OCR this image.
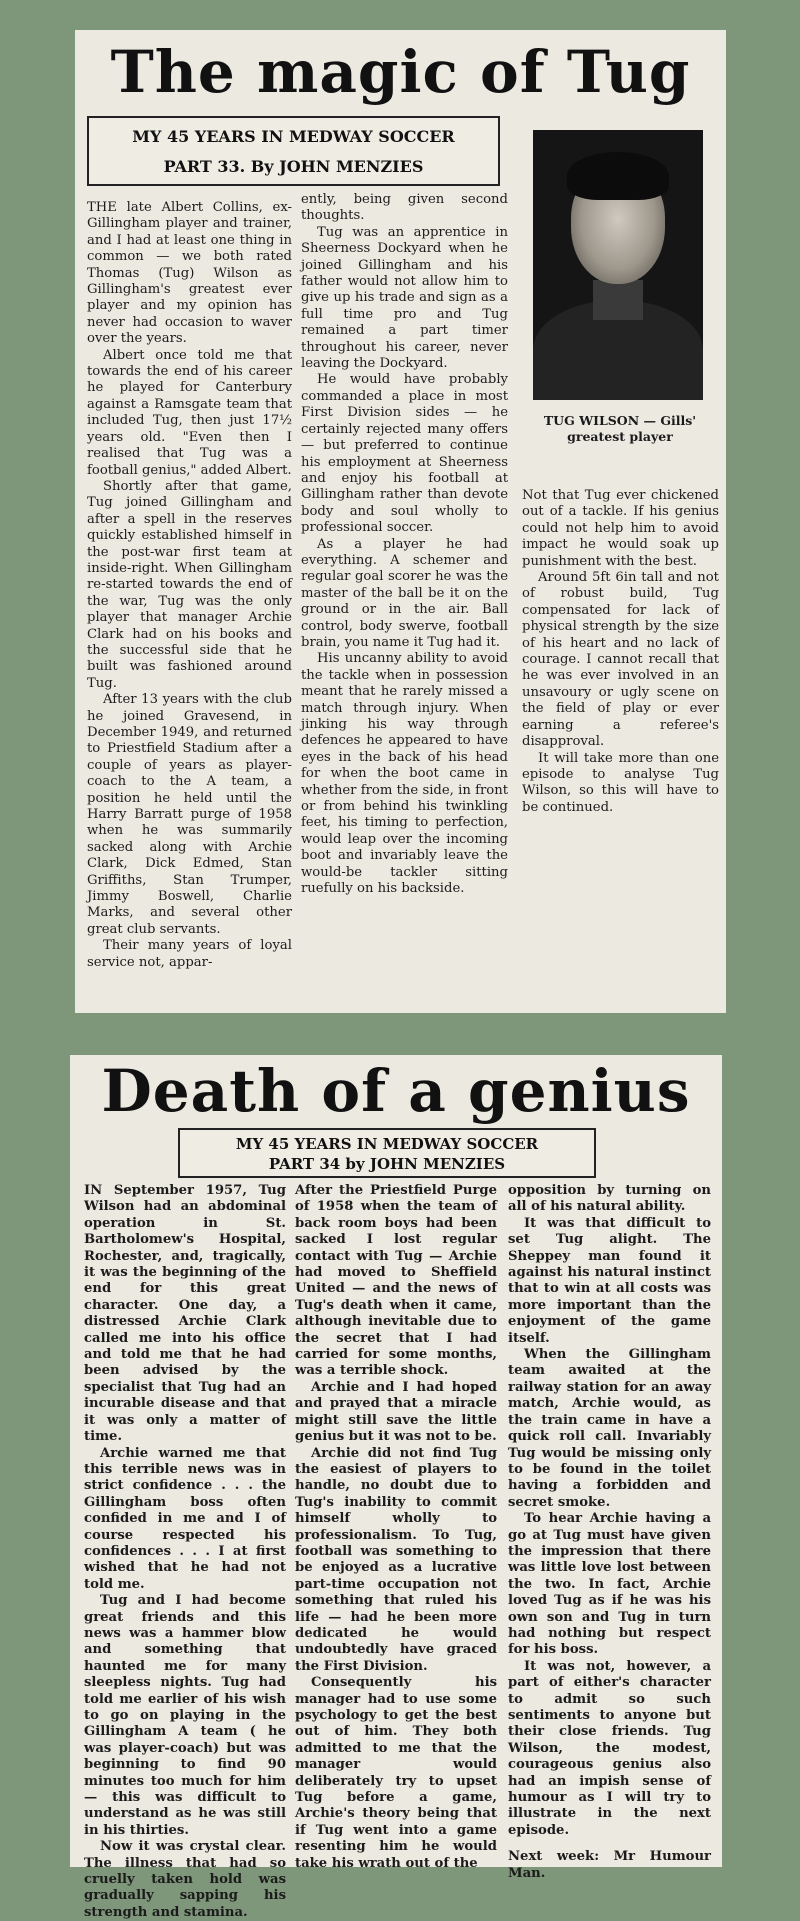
The magic of Tug
MY 45 YEARS IN MEDWAY SOCCER
PART 33. By JOHN MENZIES

THE late Albert Collins, ex-Gillingham player and trainer, and I had at least one thing in common — we both rated Thomas (Tug) Wilson as Gillingham's greatest ever player and my opinion has never had occasion to waver over the years.

Albert once told me that towards the end of his career he played for Canterbury against a Ramsgate team that included Tug, then just 17½ years old. "Even then I realised that Tug was a football genius," added Albert.

Shortly after that game, Tug joined Gillingham and after a spell in the reserves quickly established himself in the post-war first team at inside-right. When Gillingham re-started towards the end of the war, Tug was the only player that manager Archie Clark had on his books and the successful side that he built was fashioned around Tug.

After 13 years with the club he joined Gravesend, in December 1949, and returned to Priestfield Stadium after a couple of years as player-coach to the A team, a position he held until the Harry Barratt purge of 1958 when he was summarily sacked along with Archie Clark, Dick Edmed, Stan Griffiths, Stan Trumper, Jimmy Boswell, Charlie Marks, and several other great club servants.

Their many years of loyal service not, appar-

ently, being given second thoughts.

Tug was an apprentice in Sheerness Dockyard when he joined Gillingham and his father would not allow him to give up his trade and sign as a full time pro and Tug remained a part timer throughout his career, never leaving the Dockyard.

He would have probably commanded a place in most First Division sides — he certainly rejected many offers — but preferred to continue his employment at Sheerness and enjoy his football at Gillingham rather than devote body and soul wholly to professional soccer.

As a player he had everything. A schemer and regular goal scorer he was the master of the ball be it on the ground or in the air. Ball control, body swerve, football brain, you name it Tug had it.

His uncanny ability to avoid the tackle when in possession meant that he rarely missed a match through injury. When jinking his way through defences he appeared to have eyes in the back of his head for when the boot came in whether from the side, in front or from behind his twinkling feet, his timing to perfection, would leap over the incoming boot and invariably leave the would-be tackler sitting ruefully on his backside.

TUG WILSON — Gills' greatest player

Not that Tug ever chickened out of a tackle. If his genius could not help him to avoid impact he would soak up punishment with the best.

Around 5ft 6in tall and not of robust build, Tug compensated for lack of physical strength by the size of his heart and no lack of courage. I cannot recall that he was ever involved in an unsavoury or ugly scene on the field of play or ever earning a referee's disapproval.

It will take more than one episode to analyse Tug Wilson, so this will have to be continued.

Death of a genius
MY 45 YEARS IN MEDWAY SOCCER
PART 34 by JOHN MENZIES

IN September 1957, Tug Wilson had an abdominal operation in St. Bartholomew's Hospital, Rochester, and, tragically, it was the beginning of the end for this great character. One day, a distressed Archie Clark called me into his office and told me that he had been advised by the specialist that Tug had an incurable disease and that it was only a matter of time.

Archie warned me that this terrible news was in strict confidence . . . the Gillingham boss often confided in me and I of course respected his confidences . . . I at first wished that he had not told me.

Tug and I had become great friends and this news was a hammer blow and something that haunted me for many sleepless nights. Tug had told me earlier of his wish to go on playing in the Gillingham A team ( he was player-coach) but was beginning to find 90 minutes too much for him — this was difficult to understand as he was still in his thirties.

Now it was crystal clear. The illness that had so cruelly taken hold was gradually sapping his strength and stamina.

After the Priestfield Purge of 1958 when the team of back room boys had been sacked I lost regular contact with Tug — Archie had moved to Sheffield United — and the news of Tug's death when it came, although inevitable due to the secret that I had carried for some months, was a terrible shock.

Archie and I had hoped and prayed that a miracle might still save the little genius but it was not to be.

Archie did not find Tug the easiest of players to handle, no doubt due to Tug's inability to commit himself wholly to professionalism. To Tug, football was something to be enjoyed as a lucrative part-time occupation not something that ruled his life — had he been more dedicated he would undoubtedly have graced the First Division.

Consequently his manager had to use some psychology to get the best out of him. They both admitted to me that the manager would deliberately try to upset Tug before a game, Archie's theory being that if Tug went into a game resenting him he would take his wrath out of the

opposition by turning on all of his natural ability.

It was that difficult to set Tug alight. The Sheppey man found it against his natural instinct that to win at all costs was more important than the enjoyment of the game itself.

When the Gillingham team awaited at the railway station for an away match, Archie would, as the train came in have a quick roll call. Invariably Tug would be missing only to be found in the toilet having a forbidden and secret smoke.

To hear Archie having a go at Tug must have given the impression that there was little love lost between the two. In fact, Archie loved Tug as if he was his own son and Tug in turn had nothing but respect for his boss.

It was not, however, a part of either's character to admit so such sentiments to anyone but their close friends. Tug Wilson, the modest, courageous genius also had an impish sense of humour as I will try to illustrate in the next episode.

Next week: Mr Humour Man.
